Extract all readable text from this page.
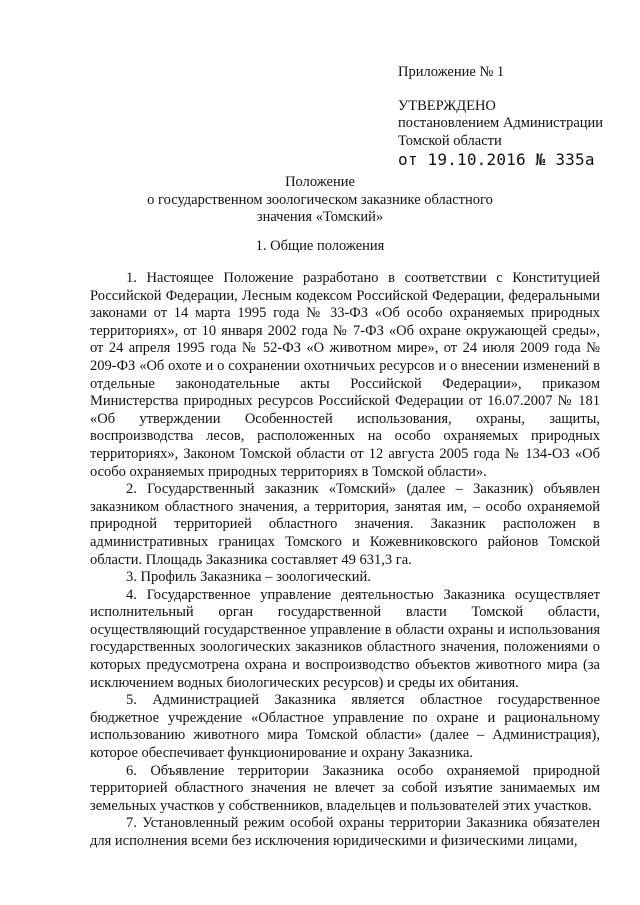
Приложение № 1
УТВЕРЖДЕНО
постановлением Администрации
Томской области
от 19.10.2016 № 335а
Положение
о государственном зоологическом заказнике областного
значения «Томский»
1. Общие положения

1. Настоящее Положение разработано в соответствии с Конституцией Российской Федерации, Лесным кодексом Российской Федерации, федеральными законами от 14 марта 1995 года № 33-ФЗ «Об особо охраняемых природных территориях», от 10 января 2002 года № 7-ФЗ «Об охране окружающей среды», от 24 апреля 1995 года № 52-ФЗ «О животном мире», от 24 июля 2009 года № 209-ФЗ «Об охоте и о сохранении охотничьих ресурсов и о внесении изменений в отдельные законодательные акты Российской Федерации», приказом Министерства природных ресурсов Российской Федерации от 16.07.2007 № 181 «Об утверждении Особенностей использования, охраны, защиты, воспроизводства лесов, расположенных на особо охраняемых природных территориях», Законом Томской области от 12 августа 2005 года № 134-ОЗ «Об особо охраняемых природных территориях в Томской области».

2. Государственный заказник «Томский» (далее – Заказник) объявлен заказником областного значения, а территория, занятая им, – особо охраняемой природной территорией областного значения. Заказник расположен в административных границах Томского и Кожевниковского районов Томской области. Площадь Заказника составляет 49 631,3 га.

3. Профиль Заказника – зоологический.

4. Государственное управление деятельностью Заказника осуществляет исполнительный орган государственной власти Томской области, осуществляющий государственное управление в области охраны и использования государственных зоологических заказников областного значения, положениями о которых предусмотрена охрана и воспроизводство объектов животного мира (за исключением водных биологических ресурсов) и среды их обитания.

5. Администрацией Заказника является областное государственное бюджетное учреждение «Областное управление по охране и рациональному использованию животного мира Томской области» (далее – Администрация), которое обеспечивает функционирование и охрану Заказника.

6. Объявление территории Заказника особо охраняемой природной территорией областного значения не влечет за собой изъятие занимаемых им земельных участков у собственников, владельцев и пользователей этих участков.

7. Установленный режим особой охраны территории Заказника обязателен для исполнения всеми без исключения юридическими и физическими лицами,
